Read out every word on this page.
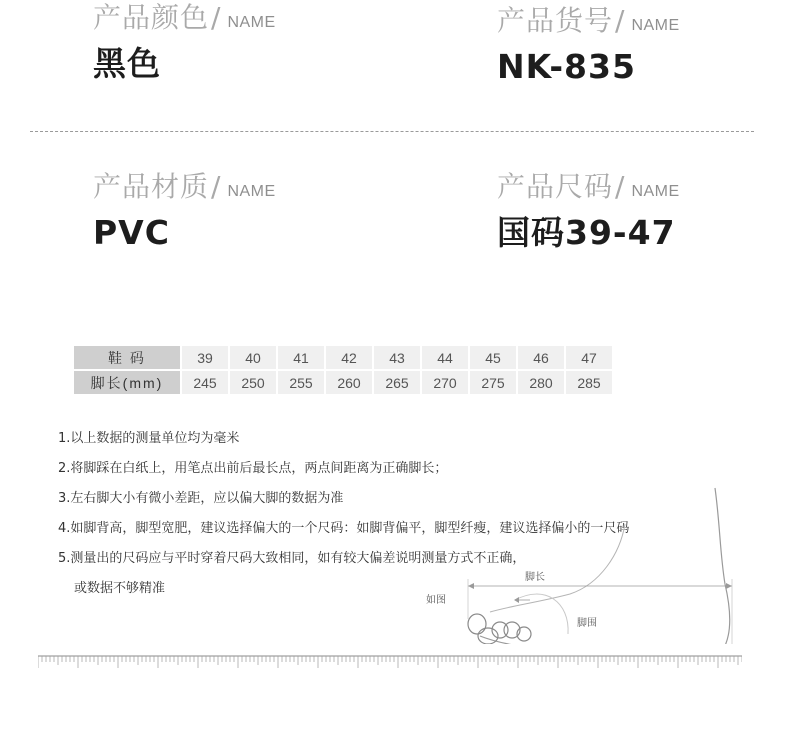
产品颜色/ NAME
黑色
产品货号/ NAME
NK-835
产品材质/ NAME
PVC
产品尺码/ NAME
国码39-47
鞋 码	39	40	41	42	43	44	45	46	47
脚长(mm)	245	250	255	260	265	270	275	280	285
1.以上数据的测量单位均为毫米
2.将脚踩在白纸上，用笔点出前后最长点，两点间距离为正确脚长；
3.左右脚大小有微小差距，应以偏大脚的数据为准
4.如脚背高，脚型宽肥，建议选择偏大的一个尺码：如脚背偏平，脚型纤瘦，建议选择偏小的一尺码
5.测量出的尺码应与平时穿着尺码大致相同，如有较大偏差说明测量方式不正确，
或数据不够精准
脚长
如图
脚围
